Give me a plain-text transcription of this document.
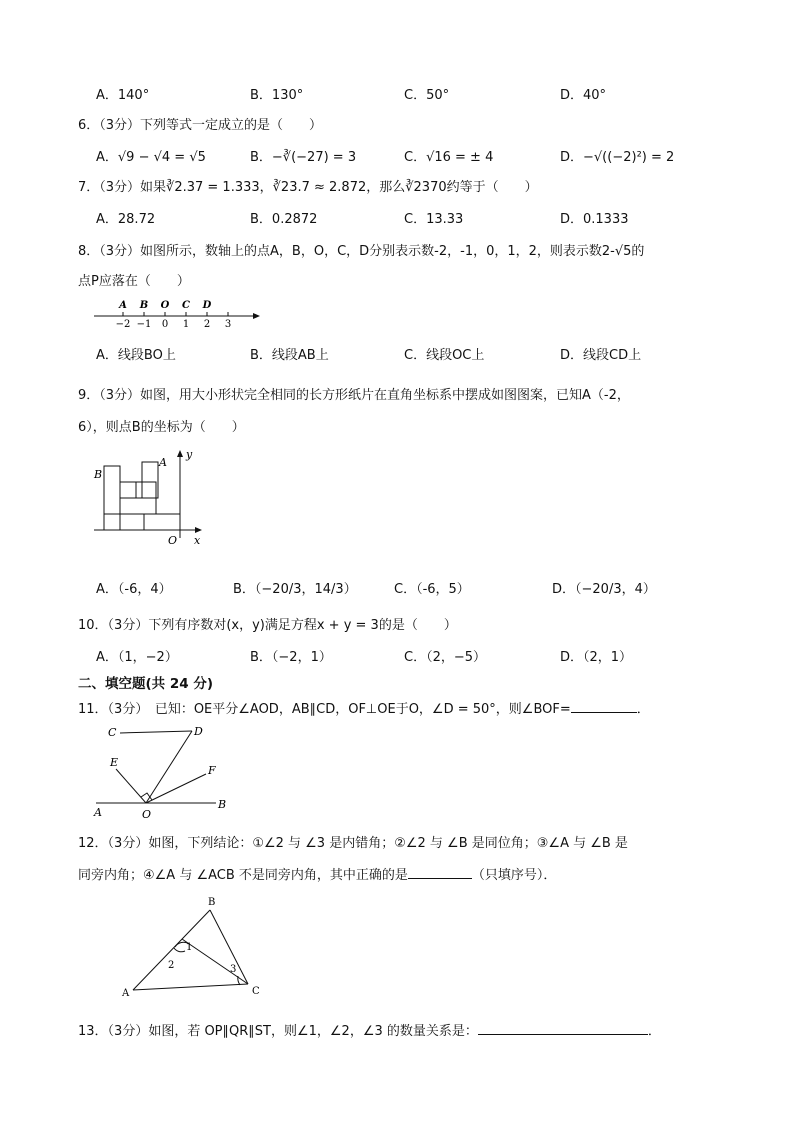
A．140°	B．130°	C．50°	D．40°
6．（3分）下列等式一定成立的是（　　）
A．√9 − √4 = √5	B．−∛(−27) = 3	C．√16 = ± 4	D．−√((−2)²) = 2
7．（3分）如果∛2.37 = 1.333，∛23.7 ≈ 2.872，那么∛2370约等于（　　）
A．28.72	B．0.2872	C．13.33	D．0.1333
8．（3分）如图所示，数轴上的点A，B，O，C，D分别表示数-2，-1，0，1，2，则表示数2-√5的
点P应落在（　　）
A B O C D
−2 −1 0 1 2 3
A．线段BO上	B．线段AB上	C．线段OC上	D．线段CD上
9．（3分）如图，用大小形状完全相同的长方形纸片在直角坐标系中摆成如图图案，已知A（-2，
6），则点B的坐标为（　　）
B
A
y
O x
A．（-6，4）	B．（−20/3，14/3）	C．（-6，5）	D．（−20/3，4）
10．（3分）下列有序数对(x，y)满足方程x + y = 3的是（　　）
A．（1，−2）	B．（−2，1）	C．（2，−5）	D．（2，1）
二、填空题(共 24 分)
11．（3分）　已知：OE平分∠AOD，AB∥CD，OF⊥OE于O，∠D = 50°，则∠BOF=	．
C	D
E
F
A	O
B
12．（3分）如图，下列结论：①∠2 与 ∠3 是内错角；②∠2 与 ∠B 是同位角；③∠A 与 ∠B 是
同旁内角；④∠A 与 ∠ACB 不是同旁内角，其中正确的是	（只填序号）．
B
1
2	3
A	C
13．（3分）如图，若 OP∥QR∥ST，则∠1，∠2，∠3 的数量关系是：	．
